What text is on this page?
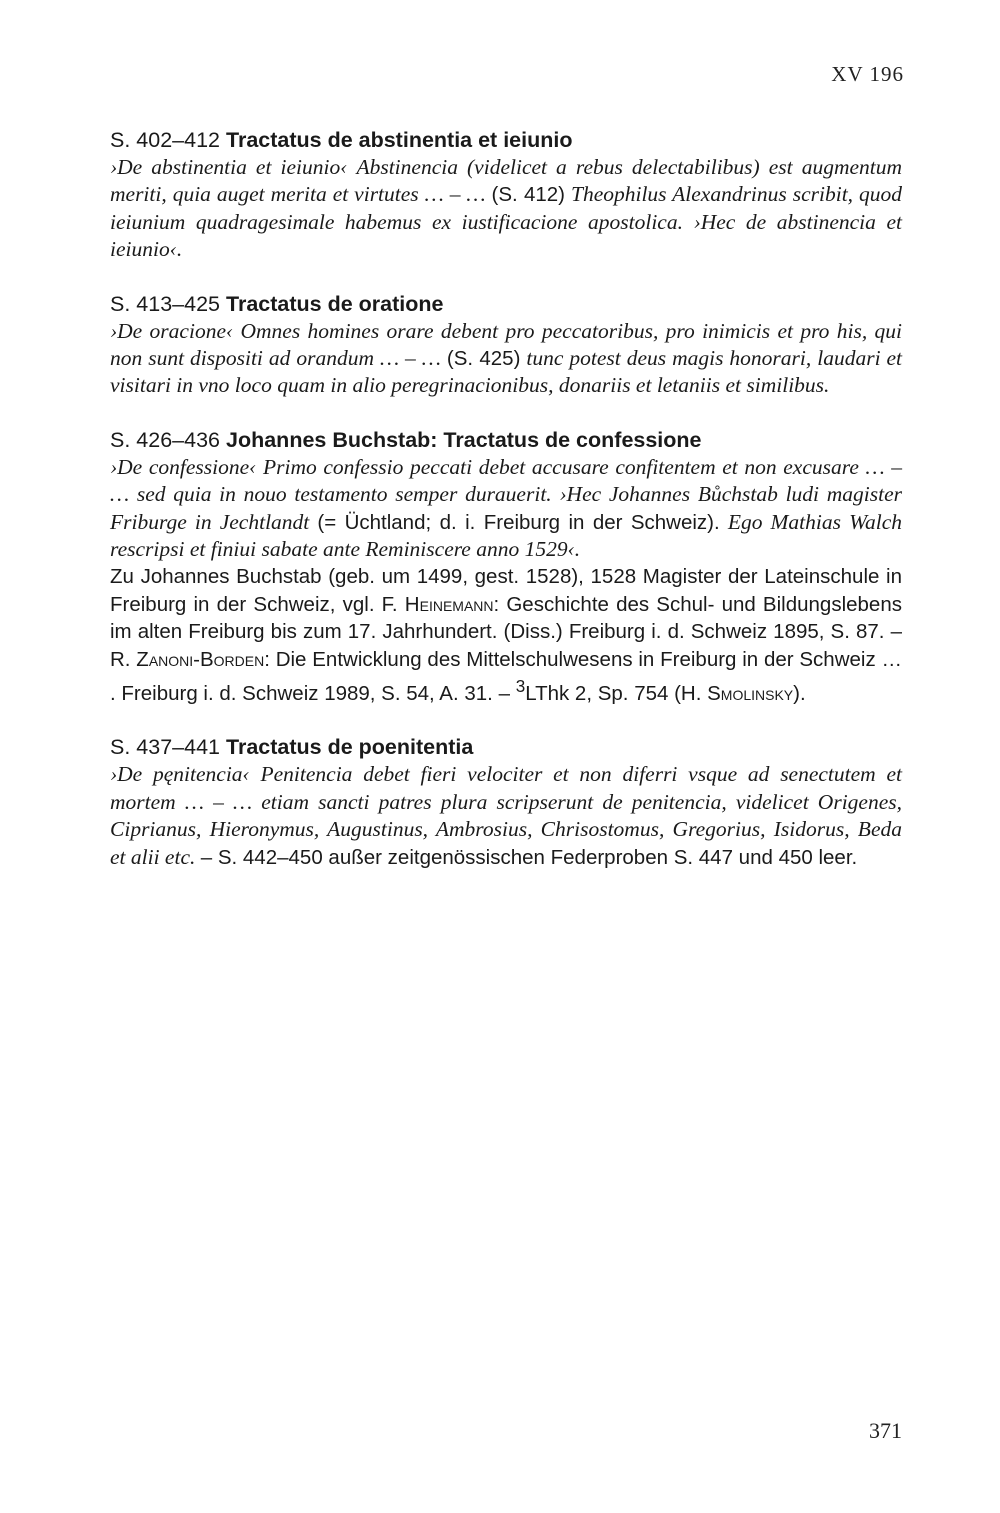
XV 196
S. 402–412 Tractatus de abstinentia et ieiunio

›De abstinentia et ieiunio‹ Abstinencia (videlicet a rebus delectabilibus) est augmentum meriti, quia auget merita et virtutes … – … (S. 412) Theophilus Alexandrinus scribit, quod ieiunium quadragesimale habemus ex iustificacione apostolica. ›Hec de abstinencia et ieiunio‹.

S. 413–425 Tractatus de oratione

›De oracione‹ Omnes homines orare debent pro peccatoribus, pro inimicis et pro his, qui non sunt dispositi ad orandum … – … (S. 425) tunc potest deus magis honorari, laudari et visitari in vno loco quam in alio peregrinacionibus, donariis et letaniis et similibus.

S. 426–436 Johannes Buchstab: Tractatus de confessione

›De confessione‹ Primo confessio peccati debet accusare confitentem et non excusare … – … sed quia in nouo testamento semper durauerit. ›Hec Johannes Bůchstab ludi magister Friburge in Jechtlandt (= Üchtland; d. i. Freiburg in der Schweiz). Ego Mathias Walch rescripsi et finiui sabate ante Reminiscere anno 1529‹.

Zu Johannes Buchstab (geb. um 1499, gest. 1528), 1528 Magister der Lateinschule in Freiburg in der Schweiz, vgl. F. Heinemann: Geschichte des Schul- und Bildungslebens im alten Freiburg bis zum 17. Jahrhundert. (Diss.) Freiburg i. d. Schweiz 1895, S. 87. – R. Zanoni-Borden: Die Entwicklung des Mittelschulwesens in Freiburg in der Schweiz … . Freiburg i. d. Schweiz 1989, S. 54, A. 31. – $^3$LThk 2, Sp. 754 (H. Smolinsky).

S. 437–441 Tractatus de poenitentia

›De pęnitencia‹ Penitencia debet fieri velociter et non diferri vsque ad senectutem et mortem … – … etiam sancti patres plura scripserunt de penitencia, videlicet Origenes, Ciprianus, Hieronymus, Augustinus, Ambrosius, Chrisostomus, Gregorius, Isidorus, Beda et alii etc. – S. 442–450 außer zeitgenössischen Federproben S. 447 und 450 leer.

371
